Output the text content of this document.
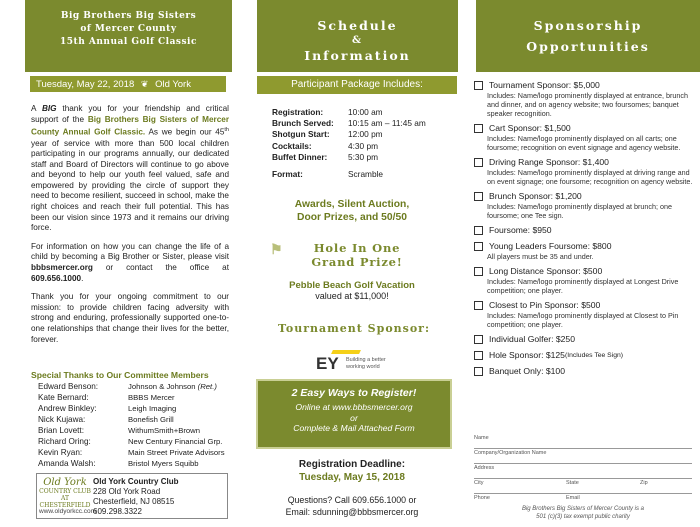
Big Brothers Big Sisters
of Mercer County
15th Annual Golf Classic
Tuesday, May 22, 2018 ❦ Old York Country Club

A BIG thank you for your friendship and critical support of the Big Brothers Big Sisters of Mercer County Annual Golf Classic. As we begin our 45th year of service with more than 500 local children participating in our programs annually, our dedicated staff and Board of Directors will continue to go above and beyond to help our youth feel valued, safe and empowered by providing the circle of support they need to become resilient, succeed in school, make the right choices and reach their full potential. This has been our vision since 1973 and it remains our driving force.

For information on how you can change the life of a child by becoming a Big Brother or Sister, please visit bbbsmercer.org or contact the office at 609.656.1000.

Thank you for your ongoing commitment to our mission: to provide children facing adversity with strong and enduring, professionally supported one-to-one relationships that change their lives for the better, forever.

Special Thanks to Our Committee Members
Edward Benson:	Johnson & Johnson (Ret.)
Kate Bernard:	BBBS Mercer
Andrew Binkley:	Leigh Imaging
Nick Kujawa:	Bonefish Grill
Brian Lovett:	WithumSmith+Brown
Richard Oring:	New Century Financial Grp.
Kevin Ryan:	Main Street Private Advisors
Amanda Walsh:	Bristol Myers Squibb
Old York
COUNTRY CLUB
AT CHESTERFIELD
Old York Country Club
228 Old York Road
Chesterfield, NJ 08515
609.298.3322
www.oldyorkcc.com
Schedule
&
Information
Participant Package Includes:
Registration:	10:00 am
Brunch Served:	10:15 am – 11:45 am
Shotgun Start:	12:00 pm
Cocktails:	4:30 pm
Buffet Dinner:	5:30 pm
Format:	Scramble
Awards, Silent Auction,
Door Prizes, and 50/50
⚑	Hole In One
Grand Prize!
Pebble Beach Golf Vacation
valued at $11,000!
Tournament Sponsor:
EY Building a better
working world
2 Easy Ways to Register!
Online at www.bbbsmercer.org
or
Complete & Mail Attached Form
Registration Deadline:
Tuesday, May 15, 2018
Questions? Call 609.656.1000 or
Email: sdunning@bbbsmercer.org
Sponsorship
Opportunities
Tournament Sponsor: $5,000
Includes: Name/logo prominently displayed at entrance, brunch and dinner, and on agency website; two foursomes; banquet speaker recognition.
Cart Sponsor: $1,500
Includes: Name/logo prominently displayed on all carts; one foursome; recognition on event signage and agency website.
Driving Range Sponsor: $1,400
Includes: Name/logo prominently displayed at driving range and on event signage; one foursome; recognition on agency website.
Brunch Sponsor: $1,200
Includes: Name/logo prominently displayed at brunch; one foursome; one Tee sign.
Foursome: $950
Young Leaders Foursome: $800
All players must be 35 and under.
Long Distance Sponsor: $500
Includes: Name/logo prominently displayed at Longest Drive competition; one player.
Closest to Pin Sponsor: $500
Includes: Name/logo prominently displayed at Closest to Pin competition; one player.
Individual Golfer: $250
Hole Sponsor: $125 (Includes Tee Sign)
Banquet Only: $100
Name
Company/Organization Name
Address
City	State	Zip
Phone	Email
Big Brothers Big Sisters of Mercer County is a
501 (c)(3) tax exempt public charity
